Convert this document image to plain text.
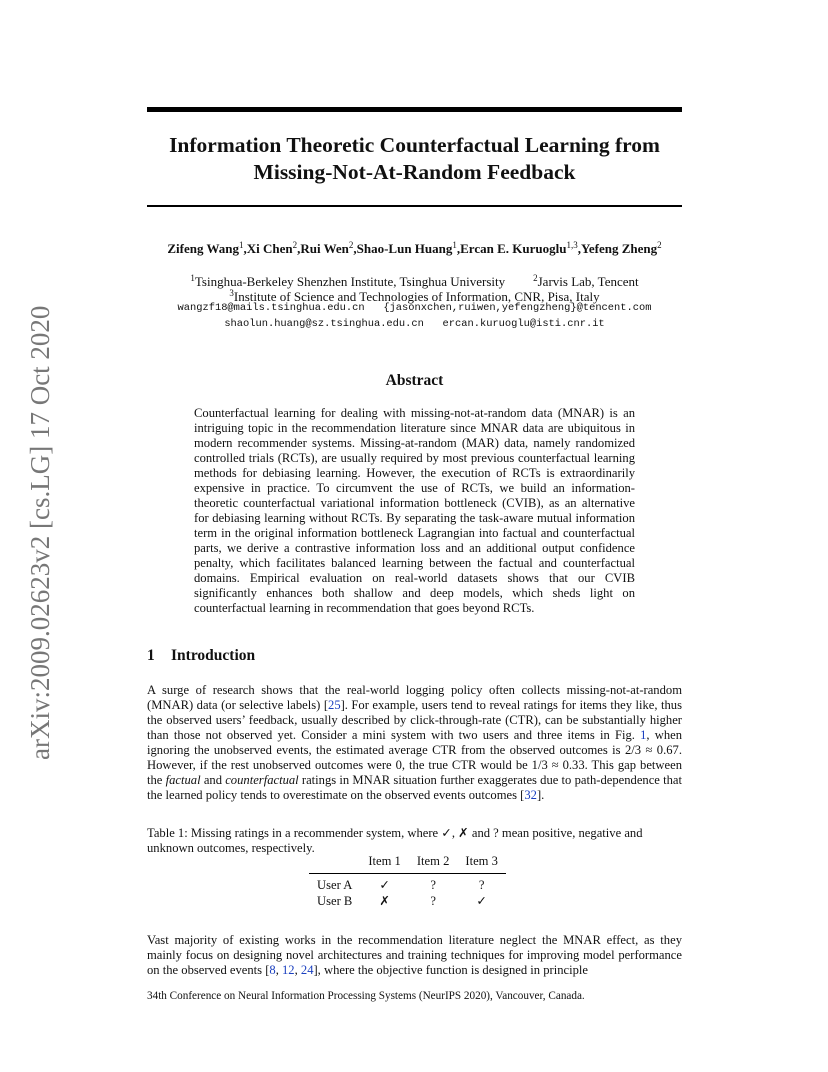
arXiv:2009.02623v2 [cs.LG] 17 Oct 2020
Information Theoretic Counterfactual Learning from
Missing-Not-At-Random Feedback
Zifeng Wang$^1$,Xi Chen$^2$,Rui Wen$^2$,Shao-Lun Huang$^1$,Ercan E. Kuruoglu$^{1,3}$,Yefeng Zheng$^2$
$^1$Tsinghua-Berkeley Shenzhen Institute, Tsinghua University	$^2$Jarvis Lab, Tencent
$^3$Institute of Science and Technologies of Information, CNR, Pisa, Italy
wangzf18@mails.tsinghua.edu.cn   {jasonxchen,ruiwen,yefengzheng}@tencent.com
shaolun.huang@sz.tsinghua.edu.cn   ercan.kuruoglu@isti.cnr.it
Abstract
Counterfactual learning for dealing with missing-not-at-random data (MNAR) is an intriguing topic in the recommendation literature since MNAR data are ubiquitous in modern recommender systems. Missing-at-random (MAR) data, namely randomized controlled trials (RCTs), are usually required by most previous counterfactual learning methods for debiasing learning. However, the execution of RCTs is extraordinarily expensive in practice. To circumvent the use of RCTs, we build an information-theoretic counterfactual variational information bottleneck (CVIB), as an alternative for debiasing learning without RCTs. By separating the task-aware mutual information term in the original information bottleneck Lagrangian into factual and counterfactual parts, we derive a contrastive information loss and an additional output confidence penalty, which facilitates balanced learning between the factual and counterfactual domains. Empirical evaluation on real-world datasets shows that our CVIB significantly enhances both shallow and deep models, which sheds light on counterfactual learning in recommendation that goes beyond RCTs.
1 Introduction
A surge of research shows that the real-world logging policy often collects missing-not-at-random (MNAR) data (or selective labels) [25]. For example, users tend to reveal ratings for items they like, thus the observed users’ feedback, usually described by click-through-rate (CTR), can be substantially higher than those not observed yet. Consider a mini system with two users and three items in Fig. 1, when ignoring the unobserved events, the estimated average CTR from the observed outcomes is 2/3 ≈ 0.67. However, if the rest unobserved outcomes were 0, the true CTR would be 1/3 ≈ 0.33. This gap between the factual and counterfactual ratings in MNAR situation further exaggerates due to path-dependence that the learned policy tends to overestimate on the observed events outcomes [32].
Table 1: Missing ratings in a recommender system, where ✓, ✗ and ? mean positive, negative and
unknown outcomes, respectively.
	Item 1	Item 2	Item 3
User A	✓	?	?
User B	✗	?	✓
Vast majority of existing works in the recommendation literature neglect the MNAR effect, as they mainly focus on designing novel architectures and training techniques for improving model performance on the observed events [8, 12, 24], where the objective function is designed in principle
34th Conference on Neural Information Processing Systems (NeurIPS 2020), Vancouver, Canada.
